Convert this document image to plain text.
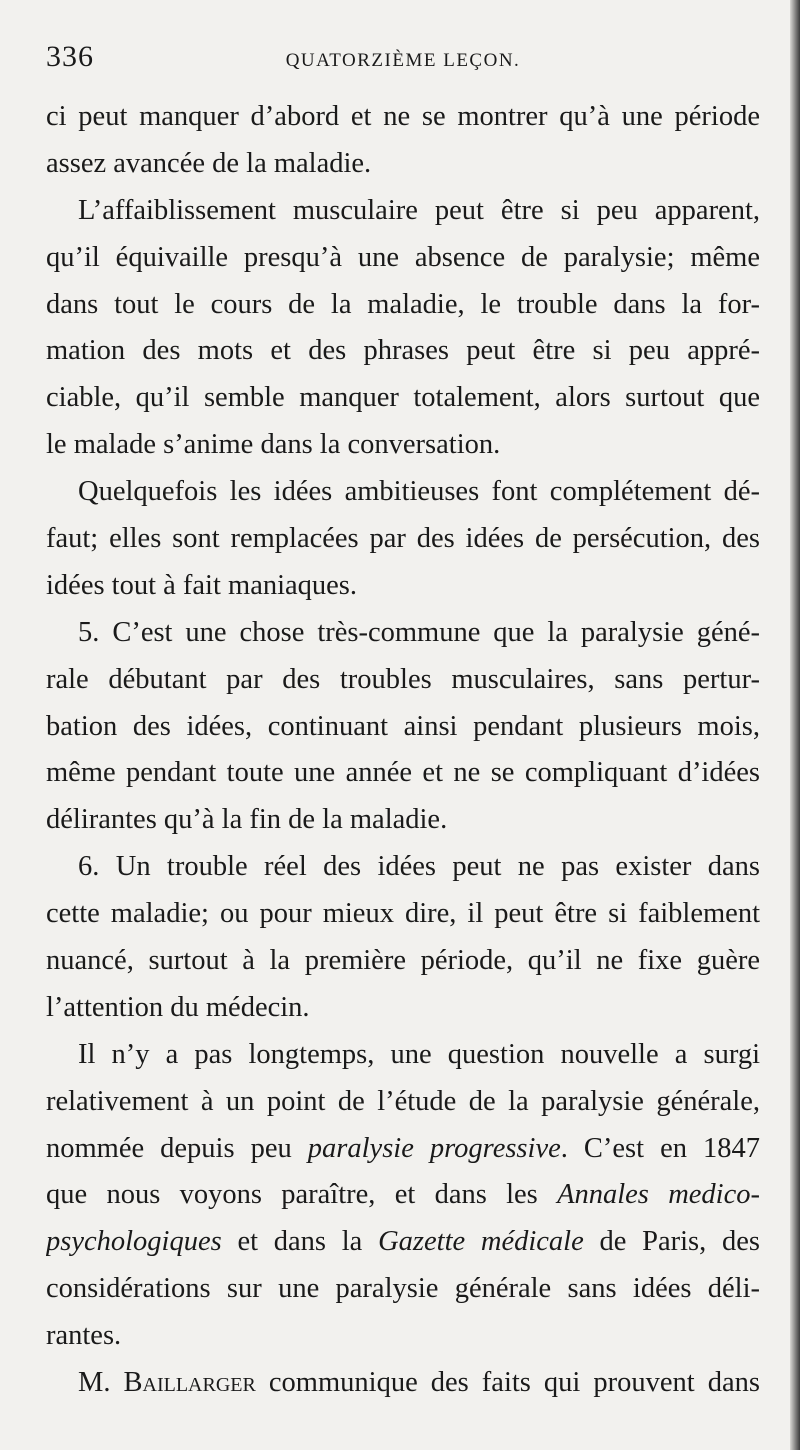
336	QUATORZIÈME LEÇON.
ci peut manquer d’abord et ne se montrer qu’à une période
assez avancée de la maladie.
L’affaiblissement musculaire peut être si peu apparent,
qu’il équivaille presqu’à une absence de paralysie; même
dans tout le cours de la maladie, le trouble dans la for-
mation des mots et des phrases peut être si peu appré-
ciable, qu’il semble manquer totalement, alors surtout que
le malade s’anime dans la conversation.
Quelquefois les idées ambitieuses font complétement dé-
faut; elles sont remplacées par des idées de persécution, des
idées tout à fait maniaques.
5. C’est une chose très-commune que la paralysie géné-
rale débutant par des troubles musculaires, sans pertur-
bation des idées, continuant ainsi pendant plusieurs mois,
même pendant toute une année et ne se compliquant d’idées
délirantes qu’à la fin de la maladie.
6. Un trouble réel des idées peut ne pas exister dans
cette maladie; ou pour mieux dire, il peut être si faiblement
nuancé, surtout à la première période, qu’il ne fixe guère
l’attention du médecin.
Il n’y a pas longtemps, une question nouvelle a surgi
relativement à un point de l’étude de la paralysie générale,
nommée depuis peu paralysie progressive. C’est en 1847
que nous voyons paraître, et dans les Annales medico-
psychologiques et dans la Gazette médicale de Paris, des
considérations sur une paralysie générale sans idées déli-
rantes.
M. Baillarger communique des faits qui prouvent dans
